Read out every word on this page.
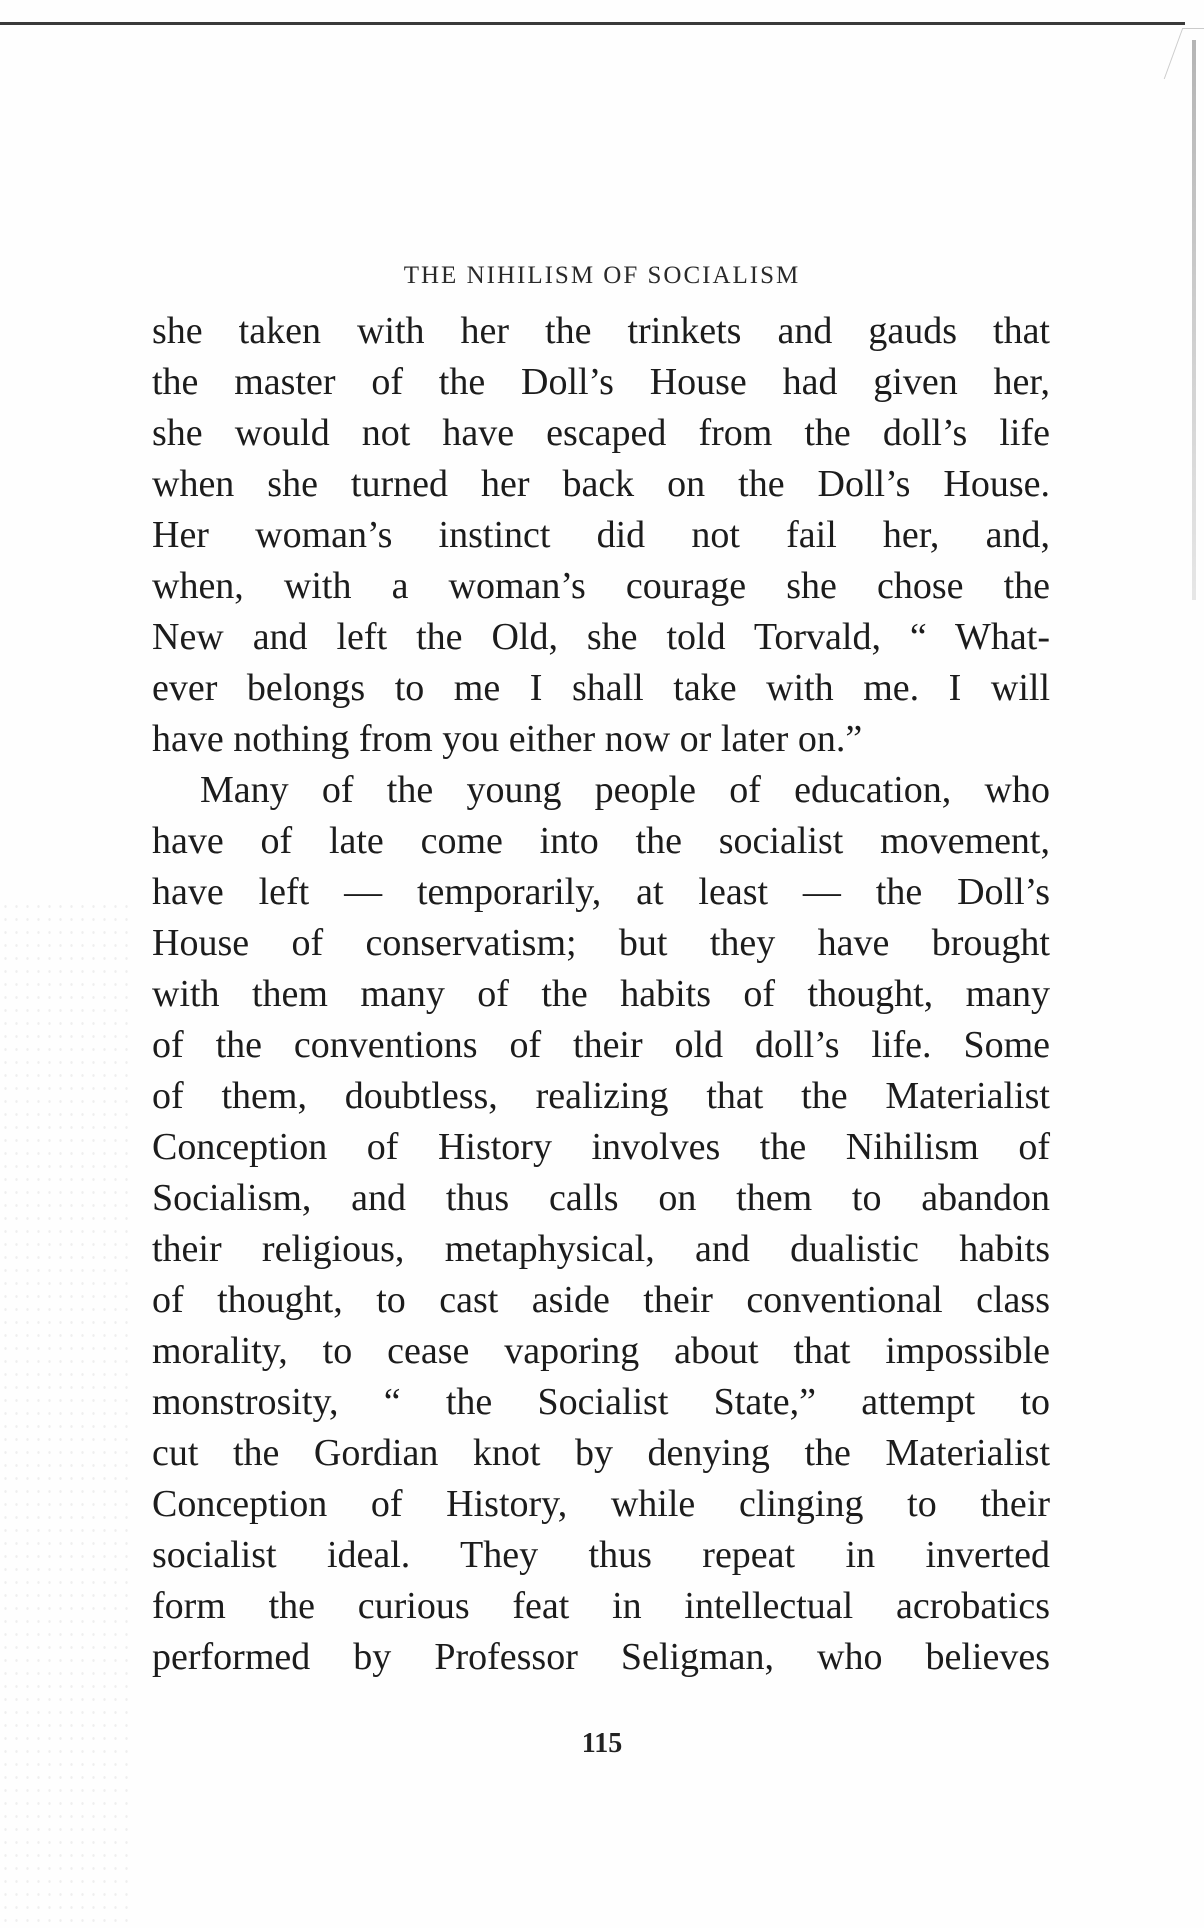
THE NIHILISM OF SOCIALISM
she taken with her the trinkets and gauds that
the master of the Doll’s House had given her,
she would not have escaped from the doll’s life
when she turned her back on the Doll’s House.
Her woman’s instinct did not fail her, and,
when, with a woman’s courage she chose the
New and left the Old, she told Torvald, “ What-
ever belongs to me I shall take with me. I will
have nothing from you either now or later on.”
Many of the young people of education, who
have of late come into the socialist movement,
have left — temporarily, at least — the Doll’s
House of conservatism; but they have brought
with them many of the habits of thought, many
of the conventions of their old doll’s life. Some
of them, doubtless, realizing that the Materialist
Conception of History involves the Nihilism of
Socialism, and thus calls on them to abandon
their religious, metaphysical, and dualistic habits
of thought, to cast aside their conventional class
morality, to cease vaporing about that impossible
monstrosity, “ the Socialist State,” attempt to
cut the Gordian knot by denying the Materialist
Conception of History, while clinging to their
socialist ideal. They thus repeat in inverted
form the curious feat in intellectual acrobatics
performed by Professor Seligman, who believes
115
